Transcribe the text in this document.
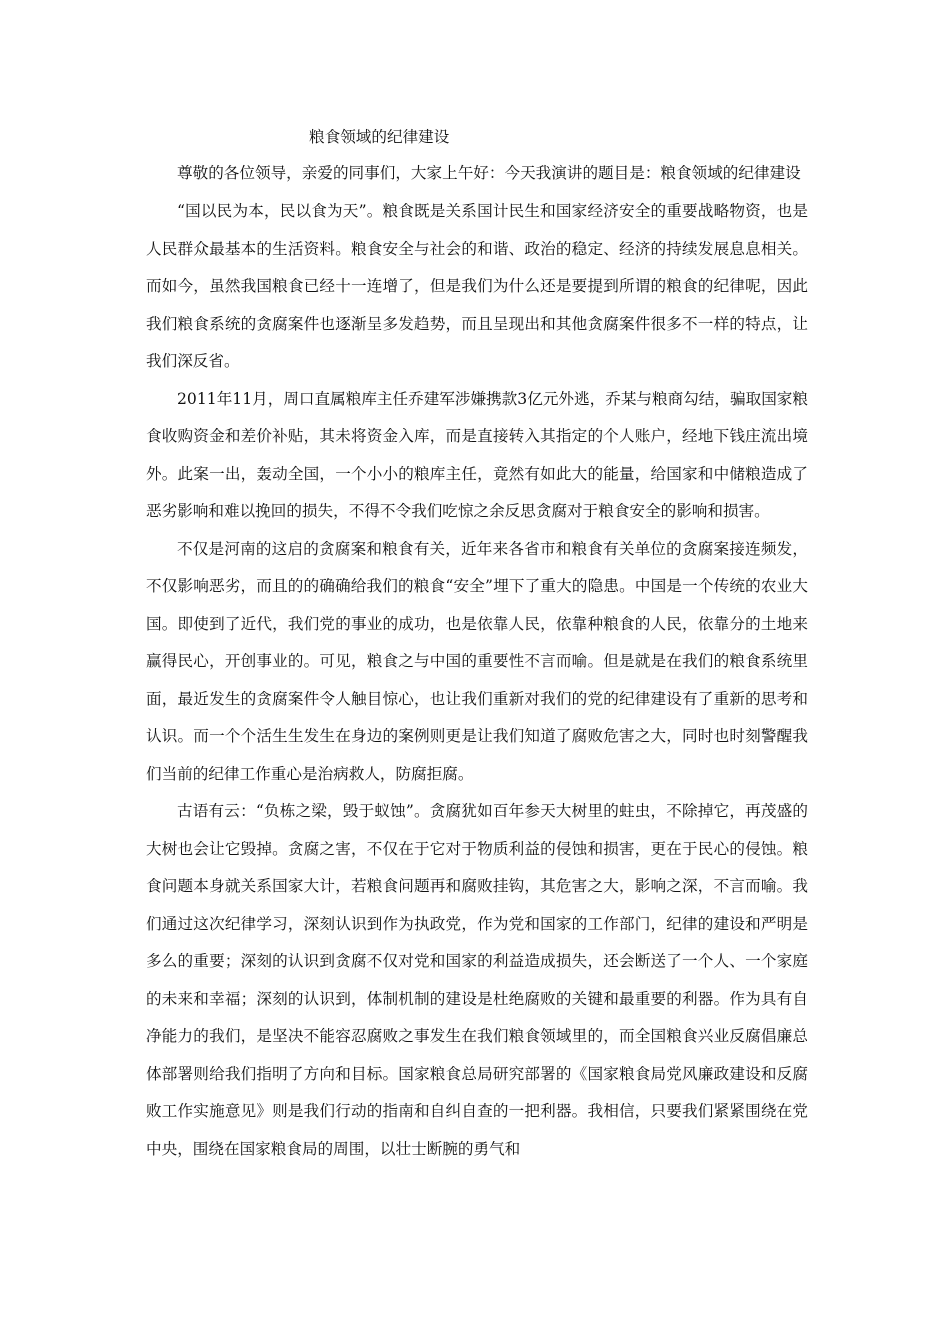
粮食领域的纪律建设

尊敬的各位领导，亲爱的同事们，大家上午好：今天我演讲的题目是：粮食领域的纪律建设

“国以民为本，民以食为天”。粮食既是关系国计民生和国家经济安全的重要战略物资，也是人民群众最基本的生活资料。粮食安全与社会的和谐、政治的稳定、经济的持续发展息息相关。而如今，虽然我国粮食已经十一连增了，但是我们为什么还是要提到所谓的粮食的纪律呢，因此我们粮食系统的贪腐案件也逐渐呈多发趋势，而且呈现出和其他贪腐案件很多不一样的特点，让我们深反省。

2011年11月，周口直属粮库主任乔建军涉嫌携款3亿元外逃，乔某与粮商勾结，骗取国家粮食收购资金和差价补贴，其未将资金入库，而是直接转入其指定的个人账户，经地下钱庄流出境外。此案一出，轰动全国，一个小小的粮库主任，竟然有如此大的能量，给国家和中储粮造成了恶劣影响和难以挽回的损失，不得不令我们吃惊之余反思贪腐对于粮食安全的影响和损害。

不仅是河南的这启的贪腐案和粮食有关，近年来各省市和粮食有关单位的贪腐案接连频发，不仅影响恶劣，而且的的确确给我们的粮食“安全”埋下了重大的隐患。中国是一个传统的农业大国。即使到了近代，我们党的事业的成功，也是依靠人民，依靠种粮食的人民，依靠分的土地来赢得民心，开创事业的。可见，粮食之与中国的重要性不言而喻。但是就是在我们的粮食系统里面，最近发生的贪腐案件令人触目惊心，也让我们重新对我们的党的纪律建设有了重新的思考和认识。而一个个活生生发生在身边的案例则更是让我们知道了腐败危害之大，同时也时刻警醒我们当前的纪律工作重心是治病救人，防腐拒腐。

古语有云：“负栋之梁，毁于蚁蚀”。贪腐犹如百年参天大树里的蛀虫，不除掉它，再茂盛的大树也会让它毁掉。贪腐之害，不仅在于它对于物质利益的侵蚀和损害，更在于民心的侵蚀。粮食问题本身就关系国家大计，若粮食问题再和腐败挂钩，其危害之大，影响之深，不言而喻。我们通过这次纪律学习，深刻认识到作为执政党，作为党和国家的工作部门，纪律的建设和严明是多么的重要；深刻的认识到贪腐不仅对党和国家的利益造成损失，还会断送了一个人、一个家庭的未来和幸福；深刻的认识到，体制机制的建设是杜绝腐败的关键和最重要的利器。作为具有自净能力的我们，是坚决不能容忍腐败之事发生在我们粮食领域里的，而全国粮食兴业反腐倡廉总体部署则给我们指明了方向和目标。国家粮食总局研究部署的《国家粮食局党风廉政建设和反腐败工作实施意见》则是我们行动的指南和自纠自查的一把利器。我相信，只要我们紧紧围绕在党中央，围绕在国家粮食局的周围，以壮士断腕的勇气和
